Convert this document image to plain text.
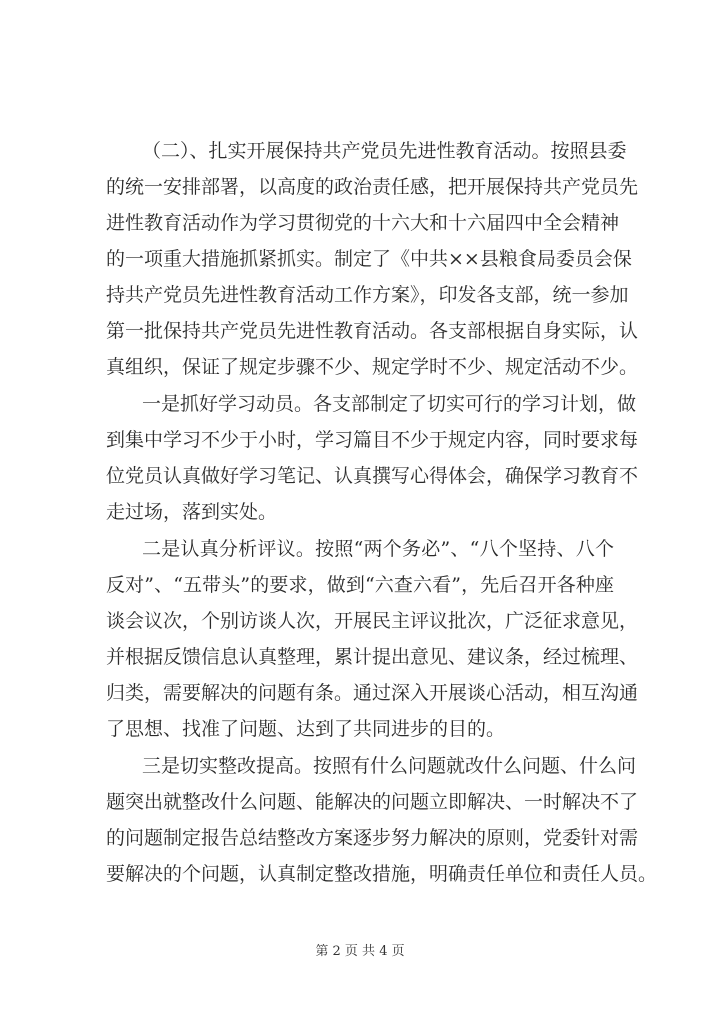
（二）、扎实开展保持共产党员先进性教育活动。按照县委
的统一安排部署，以高度的政治责任感，把开展保持共产党员先
进性教育活动作为学习贯彻党的十六大和十六届四中全会精神
的一项重大措施抓紧抓实。制定了《中共××县粮食局委员会保
持共产党员先进性教育活动工作方案》，印发各支部，统一参加
第一批保持共产党员先进性教育活动。各支部根据自身实际，认
真组织，保证了规定步骤不少、规定学时不少、规定活动不少。
一是抓好学习动员。各支部制定了切实可行的学习计划，做
到集中学习不少于小时，学习篇目不少于规定内容，同时要求每
位党员认真做好学习笔记、认真撰写心得体会，确保学习教育不
走过场，落到实处。
二是认真分析评议。按照“两个务必”、“八个坚持、八个
反对”、“五带头”的要求，做到“六查六看”，先后召开各种座
谈会议次，个别访谈人次，开展民主评议批次，广泛征求意见，
并根据反馈信息认真整理，累计提出意见、建议条，经过梳理、
归类，需要解决的问题有条。通过深入开展谈心活动，相互沟通
了思想、找准了问题、达到了共同进步的目的。
三是切实整改提高。按照有什么问题就改什么问题、什么问
题突出就整改什么问题、能解决的问题立即解决、一时解决不了
的问题制定报告总结整改方案逐步努力解决的原则，党委针对需
要解决的个问题，认真制定整改措施，明确责任单位和责任人员。
第 2 页 共 4 页
